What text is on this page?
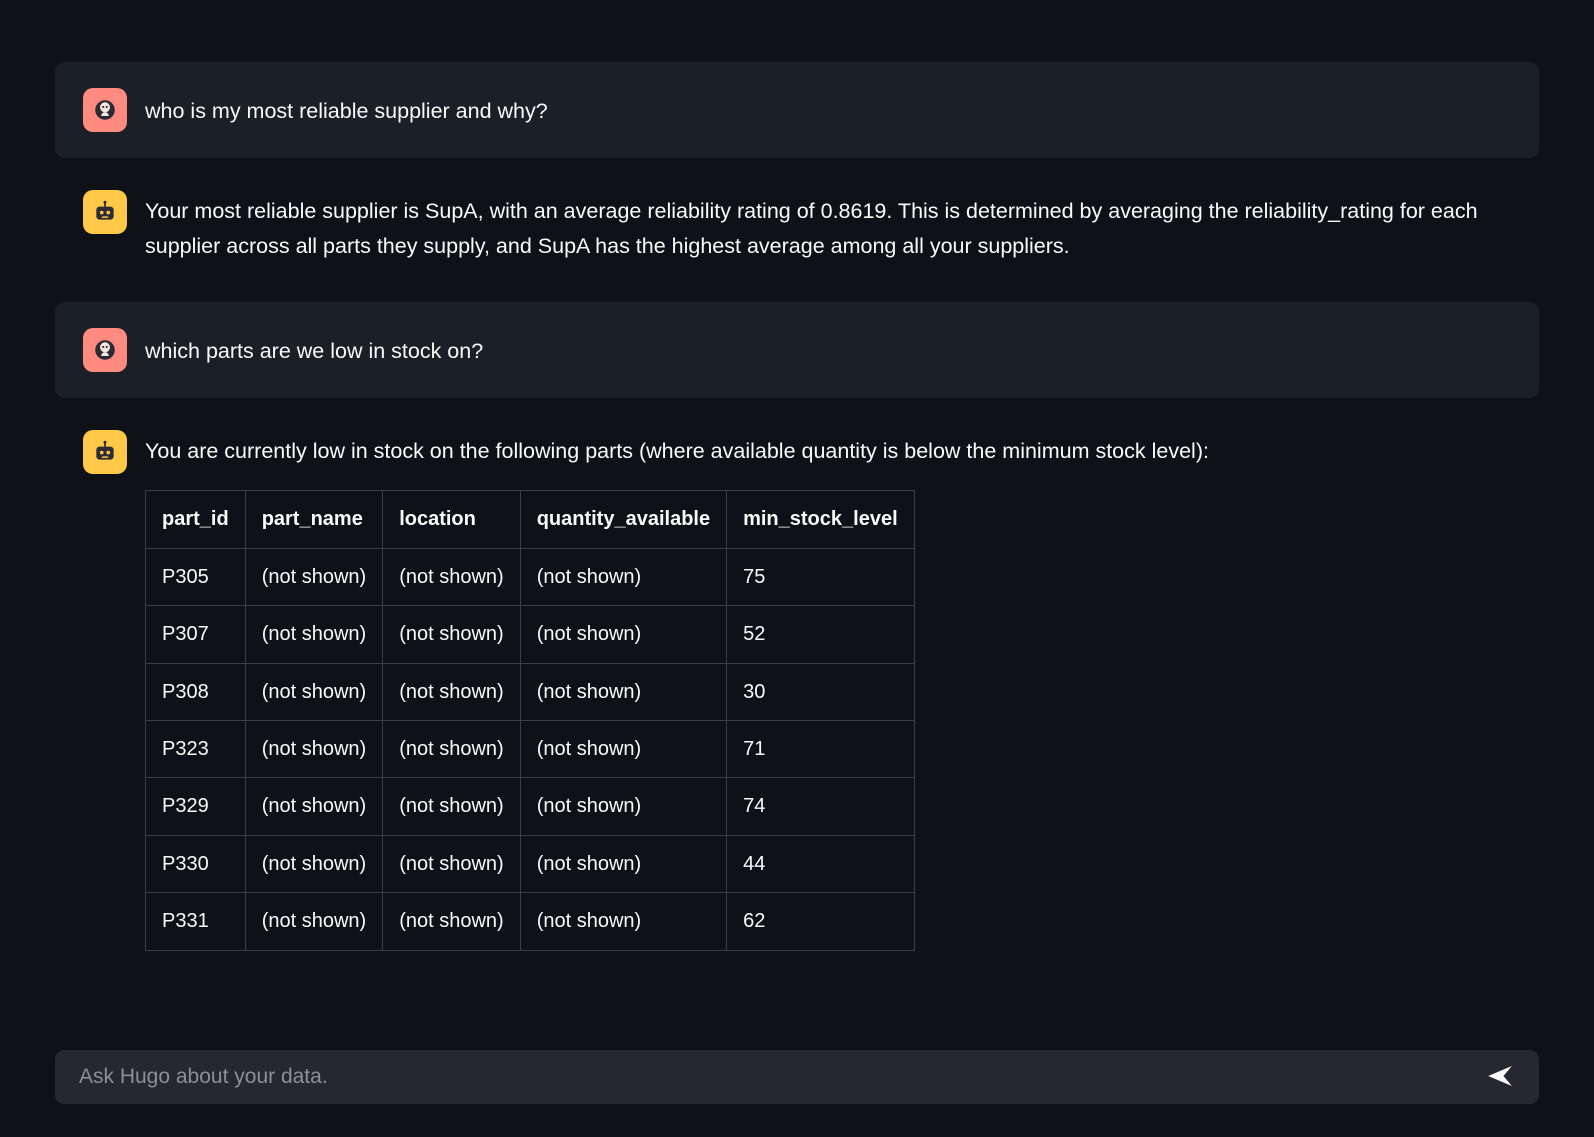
who is my most reliable supplier and why?
Your most reliable supplier is SupA, with an average reliability rating of 0.8619. This is determined by averaging the reliability_rating for each supplier across all parts they supply, and SupA has the highest average among all your suppliers.
which parts are we low in stock on?
You are currently low in stock on the following parts (where available quantity is below the minimum stock level):
part_id	part_name	location	quantity_available	min_stock_level
P305	(not shown)	(not shown)	(not shown)	75
P307	(not shown)	(not shown)	(not shown)	52
P308	(not shown)	(not shown)	(not shown)	30
P323	(not shown)	(not shown)	(not shown)	71
P329	(not shown)	(not shown)	(not shown)	74
P330	(not shown)	(not shown)	(not shown)	44
P331	(not shown)	(not shown)	(not shown)	62
Ask Hugo about your data.
